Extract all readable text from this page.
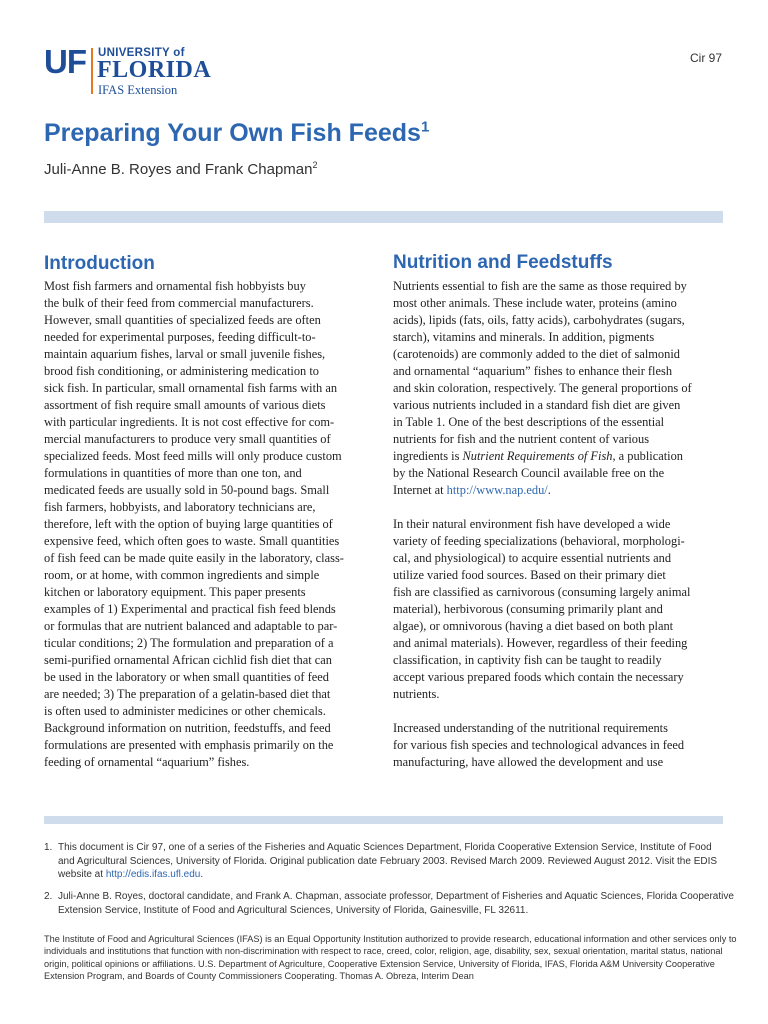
UF UNIVERSITY of
FLORIDA
IFAS Extension
Cir 97
Preparing Your Own Fish Feeds$^1$

Juli-Anne B. Royes and Frank Chapman$^2$

Introduction

Most fish farmers and ornamental fish hobbyists buy
the bulk of their feed from commercial manufacturers.
However, small quantities of specialized feeds are often
needed for experimental purposes, feeding difficult-to-
maintain aquarium fishes, larval or small juvenile fishes,
brood fish conditioning, or administering medication to
sick fish. In particular, small ornamental fish farms with an
assortment of fish require small amounts of various diets
with particular ingredients. It is not cost effective for com-
mercial manufacturers to produce very small quantities of
specialized feeds. Most feed mills will only produce custom
formulations in quantities of more than one ton, and
medicated feeds are usually sold in 50-pound bags. Small
fish farmers, hobbyists, and laboratory technicians are,
therefore, left with the option of buying large quantities of
expensive feed, which often goes to waste. Small quantities
of fish feed can be made quite easily in the laboratory, class-
room, or at home, with common ingredients and simple
kitchen or laboratory equipment. This paper presents
examples of 1) Experimental and practical fish feed blends
or formulas that are nutrient balanced and adaptable to par-
ticular conditions; 2) The formulation and preparation of a
semi-purified ornamental African cichlid fish diet that can
be used in the laboratory or when small quantities of feed
are needed; 3) The preparation of a gelatin-based diet that
is often used to administer medicines or other chemicals.
Background information on nutrition, feedstuffs, and feed
formulations are presented with emphasis primarily on the
feeding of ornamental “aquarium” fishes.

Nutrition and Feedstuffs

Nutrients essential to fish are the same as those required by
most other animals. These include water, proteins (amino
acids), lipids (fats, oils, fatty acids), carbohydrates (sugars,
starch), vitamins and minerals. In addition, pigments
(carotenoids) are commonly added to the diet of salmonid
and ornamental “aquarium” fishes to enhance their flesh
and skin coloration, respectively. The general proportions of
various nutrients included in a standard fish diet are given
in Table 1. One of the best descriptions of the essential
nutrients for fish and the nutrient content of various
ingredients is Nutrient Requirements of Fish, a publication
by the National Research Council available free on the
Internet at http://www.nap.edu/.

In their natural environment fish have developed a wide
variety of feeding specializations (behavioral, morphologi-
cal, and physiological) to acquire essential nutrients and
utilize varied food sources. Based on their primary diet
fish are classified as carnivorous (consuming largely animal
material), herbivorous (consuming primarily plant and
algae), or omnivorous (having a diet based on both plant
and animal materials). However, regardless of their feeding
classification, in captivity fish can be taught to readily
accept various prepared foods which contain the necessary
nutrients.

Increased understanding of the nutritional requirements
for various fish species and technological advances in feed
manufacturing, have allowed the development and use

1. This document is Cir 97, one of a series of the Fisheries and Aquatic Sciences Department, Florida Cooperative Extension Service, Institute of Food
and Agricultural Sciences, University of Florida. Original publication date February 2003. Revised March 2009. Reviewed August 2012. Visit the EDIS
website at http://edis.ifas.ufl.edu.
2. Juli-Anne B. Royes, doctoral candidate, and Frank A. Chapman, associate professor, Department of Fisheries and Aquatic Sciences, Florida Cooperative
Extension Service, Institute of Food and Agricultural Sciences, University of Florida, Gainesville, FL 32611.
The Institute of Food and Agricultural Sciences (IFAS) is an Equal Opportunity Institution authorized to provide research, educational information and other services only to
individuals and institutions that function with non-discrimination with respect to race, creed, color, religion, age, disability, sex, sexual orientation, marital status, national
origin, political opinions or affiliations. U.S. Department of Agriculture, Cooperative Extension Service, University of Florida, IFAS, Florida A&M University Cooperative
Extension Program, and Boards of County Commissioners Cooperating. Thomas A. Obreza, Interim Dean
